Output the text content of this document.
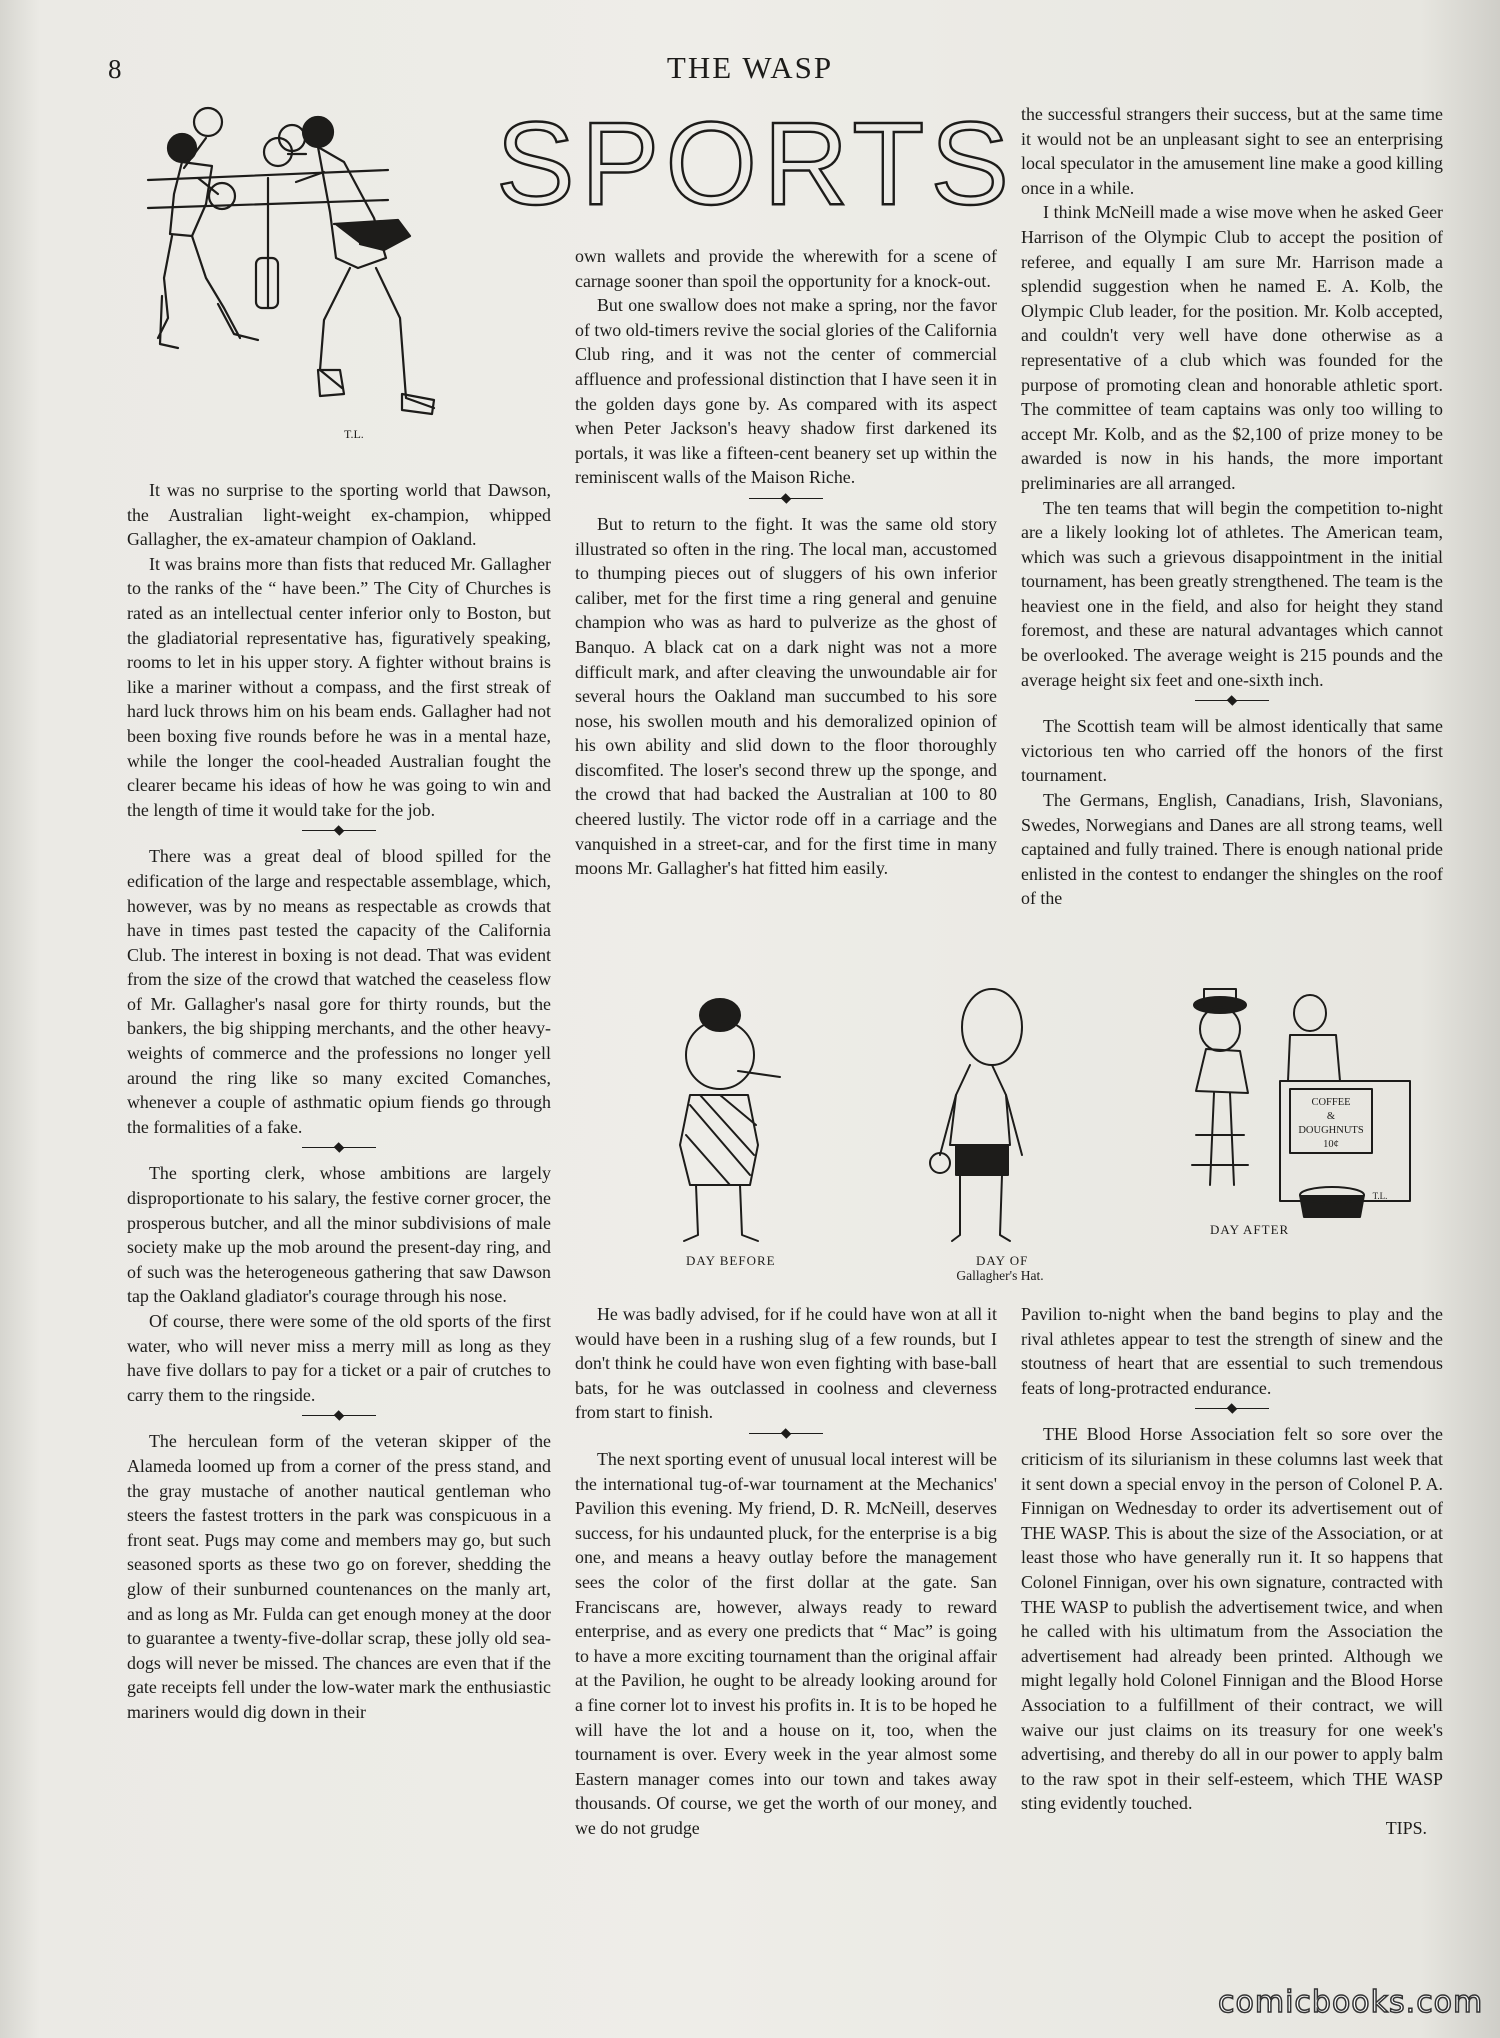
8	THE WASP
T.L.
SPORTS

It was no surprise to the sporting world that Dawson, the Australian light-weight ex-champion, whipped Gallagher, the ex-amateur champion of Oakland.

It was brains more than fists that reduced Mr. Gallagher to the ranks of the “ have been.” The City of Churches is rated as an intellectual center inferior only to Boston, but the gladiatorial representative has, figuratively speaking, rooms to let in his upper story. A fighter without brains is like a mariner without a compass, and the first streak of hard luck throws him on his beam ends. Gallagher had not been boxing five rounds before he was in a mental haze, while the longer the cool-headed Australian fought the clearer became his ideas of how he was going to win and the length of time it would take for the job.

There was a great deal of blood spilled for the edification of the large and respectable assemblage, which, however, was by no means as respectable as crowds that have in times past tested the capacity of the California Club. The interest in boxing is not dead. That was evident from the size of the crowd that watched the ceaseless flow of Mr. Gallagher's nasal gore for thirty rounds, but the bankers, the big shipping merchants, and the other heavy-weights of commerce and the professions no longer yell around the ring like so many excited Comanches, whenever a couple of asthmatic opium fiends go through the formalities of a fake.

The sporting clerk, whose ambitions are largely disproportionate to his salary, the festive corner grocer, the prosperous butcher, and all the minor subdivisions of male society make up the mob around the present-day ring, and of such was the heterogeneous gathering that saw Dawson tap the Oakland gladiator's courage through his nose.

Of course, there were some of the old sports of the first water, who will never miss a merry mill as long as they have five dollars to pay for a ticket or a pair of crutches to carry them to the ringside.

The herculean form of the veteran skipper of the Alameda loomed up from a corner of the press stand, and the gray mustache of another nautical gentleman who steers the fastest trotters in the park was conspicuous in a front seat. Pugs may come and members may go, but such seasoned sports as these two go on forever, shedding the glow of their sunburned countenances on the manly art, and as long as Mr. Fulda can get enough money at the door to guarantee a twenty-five-dollar scrap, these jolly old sea-dogs will never be missed. The chances are even that if the gate receipts fell under the low-water mark the enthusiastic mariners would dig down in their

own wallets and provide the wherewith for a scene of carnage sooner than spoil the opportunity for a knock-out.

But one swallow does not make a spring, nor the favor of two old-timers revive the social glories of the California Club ring, and it was not the center of commercial affluence and professional distinction that I have seen it in the golden days gone by. As compared with its aspect when Peter Jackson's heavy shadow first darkened its portals, it was like a fifteen-cent beanery set up within the reminiscent walls of the Maison Riche.

But to return to the fight. It was the same old story illustrated so often in the ring. The local man, accustomed to thumping pieces out of sluggers of his own inferior caliber, met for the first time a ring general and genuine champion who was as hard to pulverize as the ghost of Banquo. A black cat on a dark night was not a more difficult mark, and after cleaving the unwoundable air for several hours the Oakland man succumbed to his sore nose, his swollen mouth and his demoralized opinion of his own ability and slid down to the floor thoroughly discomfited. The loser's second threw up the sponge, and the crowd that had backed the Australian at 100 to 80 cheered lustily. The victor rode off in a carriage and the vanquished in a street-car, and for the first time in many moons Mr. Gallagher's hat fitted him easily.

the successful strangers their success, but at the same time it would not be an unpleasant sight to see an enterprising local speculator in the amusement line make a good killing once in a while.

I think McNeill made a wise move when he asked Geer Harrison of the Olympic Club to accept the position of referee, and equally I am sure Mr. Harrison made a splendid suggestion when he named E. A. Kolb, the Olympic Club leader, for the position. Mr. Kolb accepted, and couldn't very well have done otherwise as a representative of a club which was founded for the purpose of promoting clean and honorable athletic sport. The committee of team captains was only too willing to accept Mr. Kolb, and as the $2,100 of prize money to be awarded is now in his hands, the more important preliminaries are all arranged.

The ten teams that will begin the competition to-night are a likely looking lot of athletes. The American team, which was such a grievous disappointment in the initial tournament, has been greatly strengthened. The team is the heaviest one in the field, and also for height they stand foremost, and these are natural advantages which cannot be overlooked. The average weight is 215 pounds and the average height six feet and one-sixth inch.

The Scottish team will be almost identically that same victorious ten who carried off the honors of the first tournament.

The Germans, English, Canadians, Irish, Slavonians, Swedes, Norwegians and Danes are all strong teams, well captained and fully trained. There is enough national pride enlisted in the contest to endanger the shingles on the roof of the

COFFEE
&
DOUGHNUTS
10¢
T.L.
DAY BEFORE	DAY OF
DAY AFTER
Gallagher's Hat.

He was badly advised, for if he could have won at all it would have been in a rushing slug of a few rounds, but I don't think he could have won even fighting with base-ball bats, for he was outclassed in coolness and cleverness from start to finish.

The next sporting event of unusual local interest will be the international tug-of-war tournament at the Mechanics' Pavilion this evening. My friend, D. R. McNeill, deserves success, for his undaunted pluck, for the enterprise is a big one, and means a heavy outlay before the management sees the color of the first dollar at the gate. San Franciscans are, however, always ready to reward enterprise, and as every one predicts that “ Mac” is going to have a more exciting tournament than the original affair at the Pavilion, he ought to be already looking around for a fine corner lot to invest his profits in. It is to be hoped he will have the lot and a house on it, too, when the tournament is over. Every week in the year almost some Eastern manager comes into our town and takes away thousands. Of course, we get the worth of our money, and we do not grudge

Pavilion to-night when the band begins to play and the rival athletes appear to test the strength of sinew and the stoutness of heart that are essential to such tremendous feats of long-protracted endurance.

THE Blood Horse Association felt so sore over the criticism of its silurianism in these columns last week that it sent down a special envoy in the person of Colonel P. A. Finnigan on Wednesday to order its advertisement out of THE WASP. This is about the size of the Association, or at least those who have generally run it. It so happens that Colonel Finnigan, over his own signature, contracted with THE WASP to publish the advertisement twice, and when he called with his ultimatum from the Association the advertisement had already been printed. Although we might legally hold Colonel Finnigan and the Blood Horse Association to a fulfillment of their contract, we will waive our just claims on its treasury for one week's advertising, and thereby do all in our power to apply balm to the raw spot in their self-esteem, which THE WASP sting evidently touched.

TIPS.

comicbooks.com
